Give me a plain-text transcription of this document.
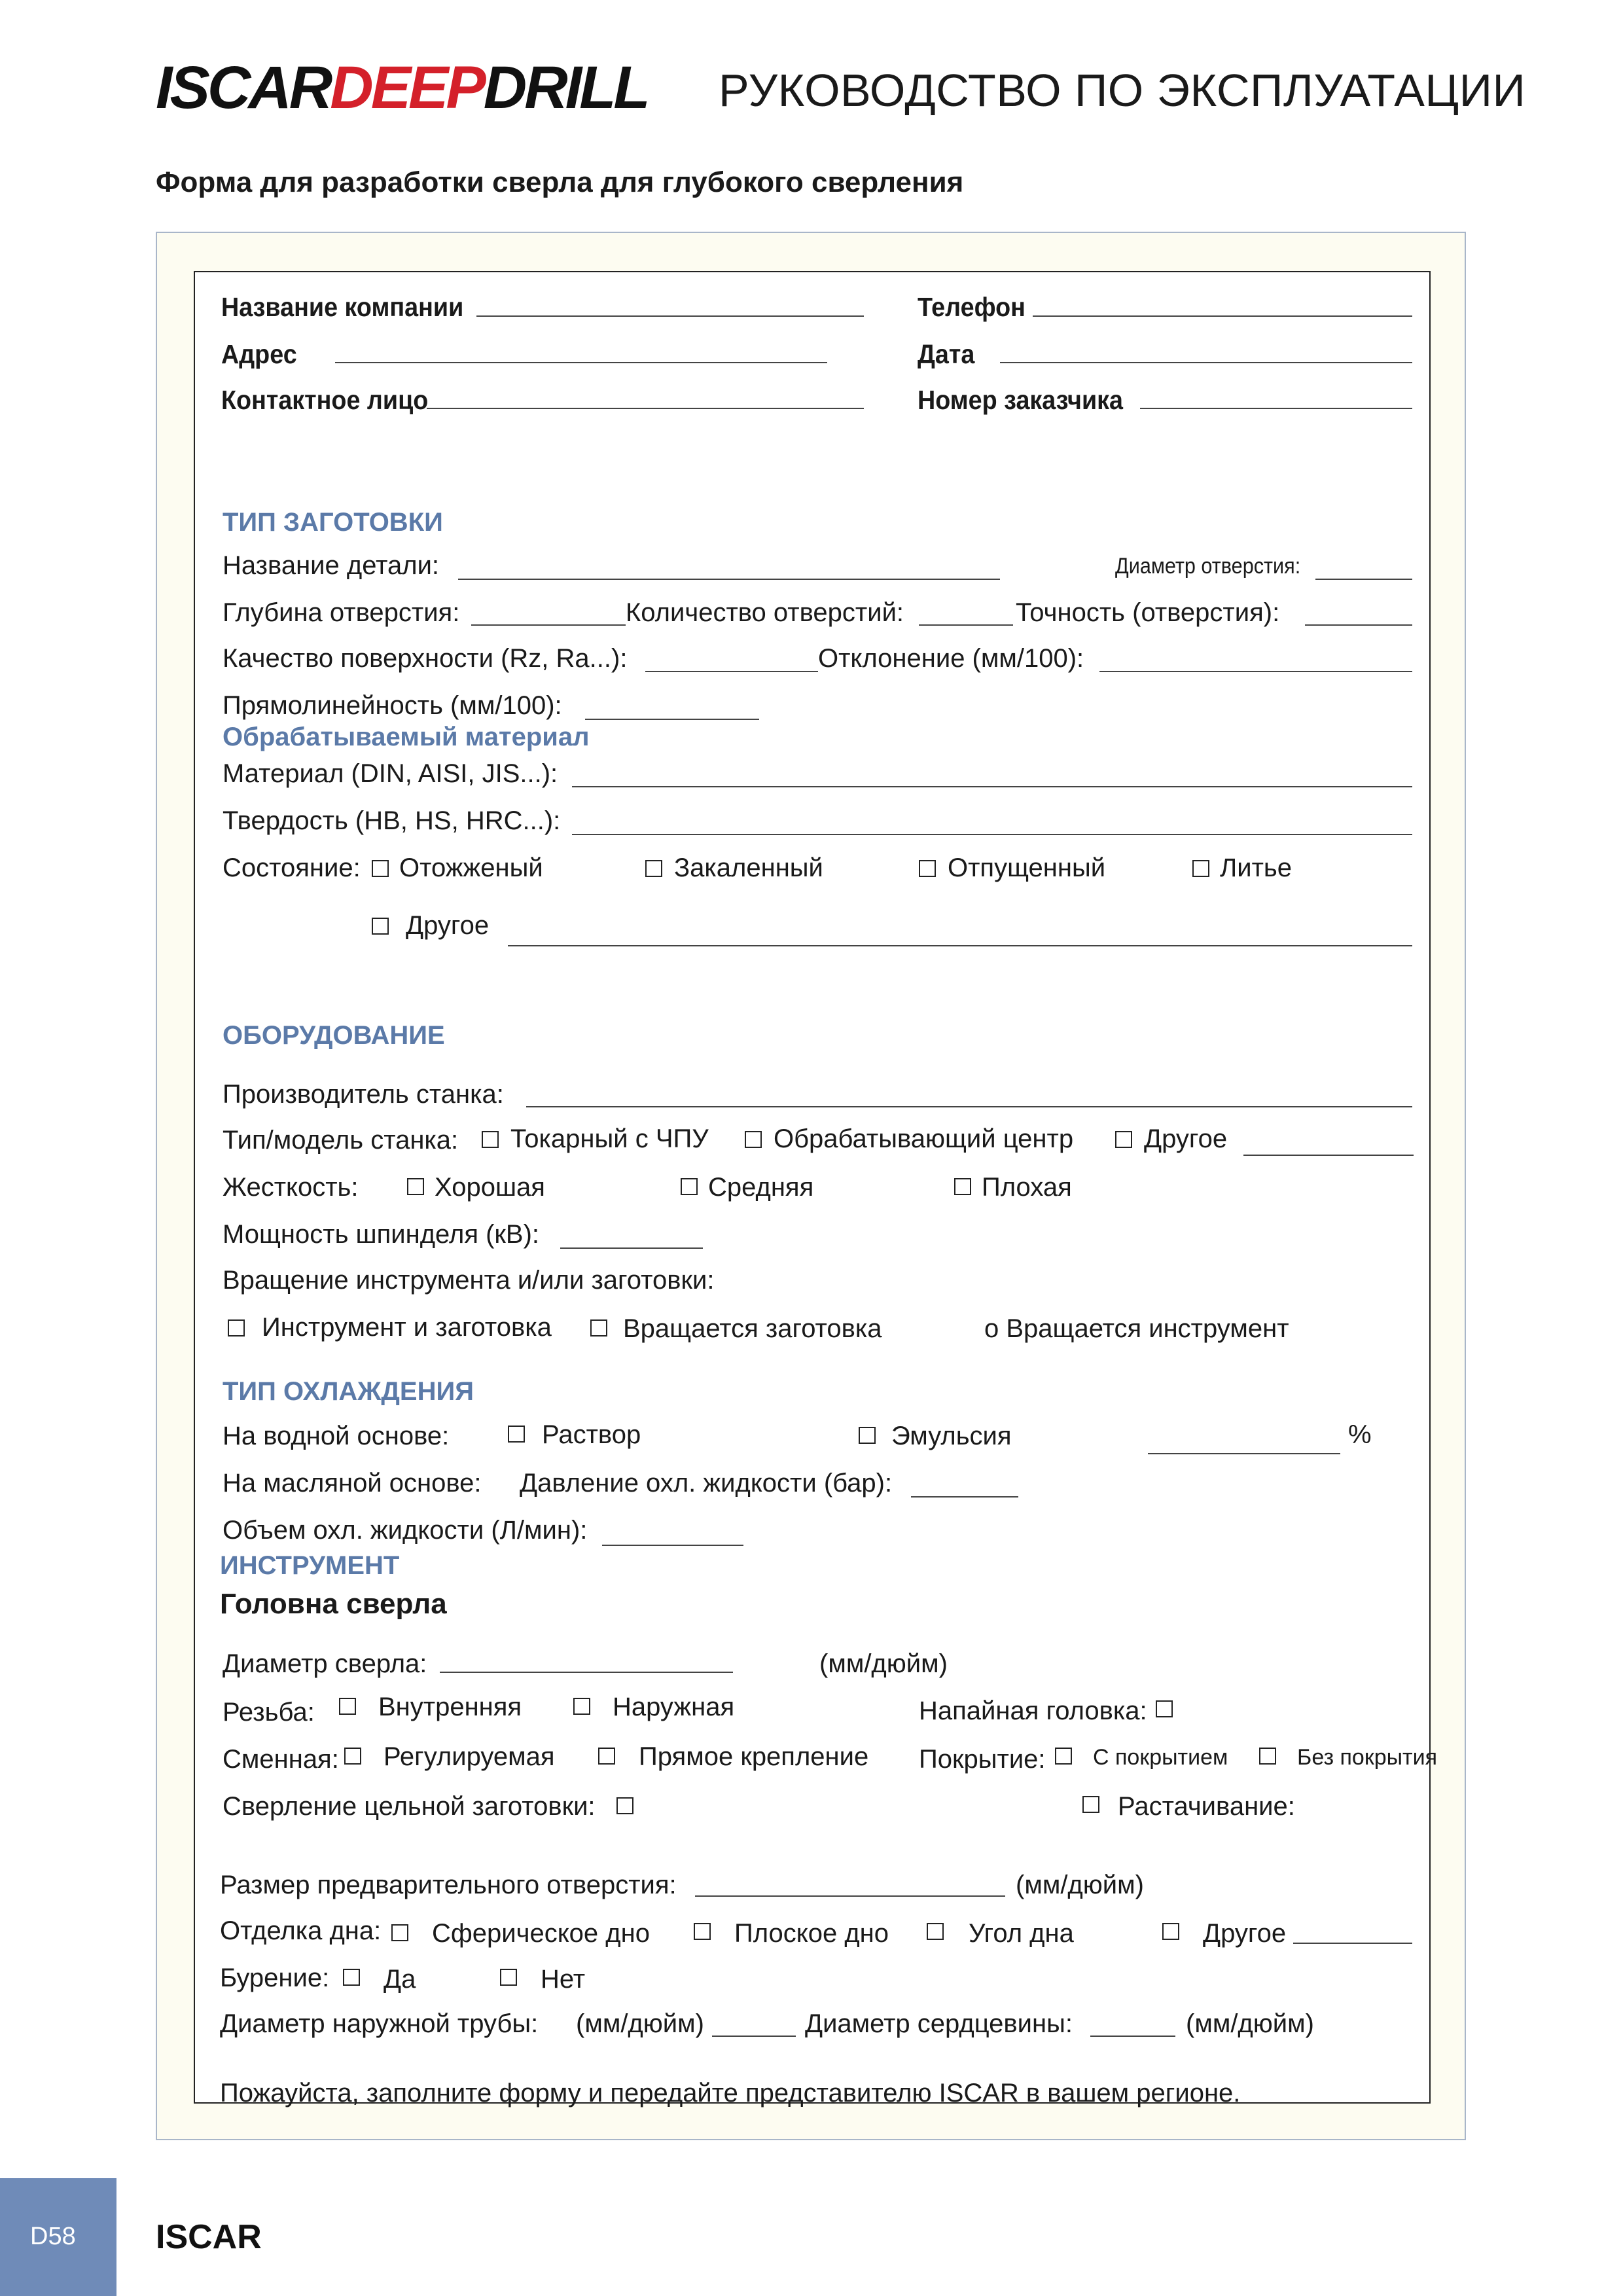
ISCARDEEPDRILL РУКОВОДСТВО ПО ЭКСПЛУАТАЦИИ
Форма для разработки сверла для глубокого сверления
Название компании
Адрес
Контактное лицо
Телефон
Дата
Номер заказчика
ТИП ЗАГОТОВКИ
Название детали:	Диаметр отверстия:
Глубина отверстия:	Количество отверстий:	Точность (отверстия):
Качество поверхности (Rz, Ra...):	Отклонение (мм/100):
Прямолинейность (мм/100):
Обрабатываемый материал
Материал (DIN, AISI, JIS...):
Твердость (HB, HS, HRC...):
Состояние: Отожженый	Закаленный	Отпущенный	Литье
Другое
ОБОРУДОВАНИЕ
Производитель станка:
Тип/модель станка: Токарный с ЧПУ Обрабатывающий центр	Другое
Жесткость:	Хорошая	Средняя	Плохая
Мощность шпинделя (кВ):
Вращение инструмента и/или заготовки:
Инструмент и заготовка	Вращается заготовка	o Вращается инструмент
ТИП ОХЛАЖДЕНИЯ
На водной основе:	Раствор	Эмульсия	%
На масляной основе: Давление охл. жидкости (бар):
Объем охл. жидкости (Л/мин):
ИНСТРУМЕНТ
Головна сверла
Диаметр сверла:	(мм/дюйм)
Резьба: Внутренняя	Наружная	Напайная головка:
Сменная: Регулируемая	Прямое крепление Покрытие: С покрытием	Без покрытия
Сверление цельной заготовки:	Растачивание:
Размер предварительного отверстия:	(мм/дюйм)
Отделка дна: Сферическое дно	Плоское дно	Угол дна	Другое
Бурение: Да	Нет
Диаметр наружной трубы: (мм/дюйм)	Диаметр сердцевины:	(мм/дюйм)
Пожауйста, заполните форму и передайте представителю ISCAR в вашем регионе.
D58 ISCAR
